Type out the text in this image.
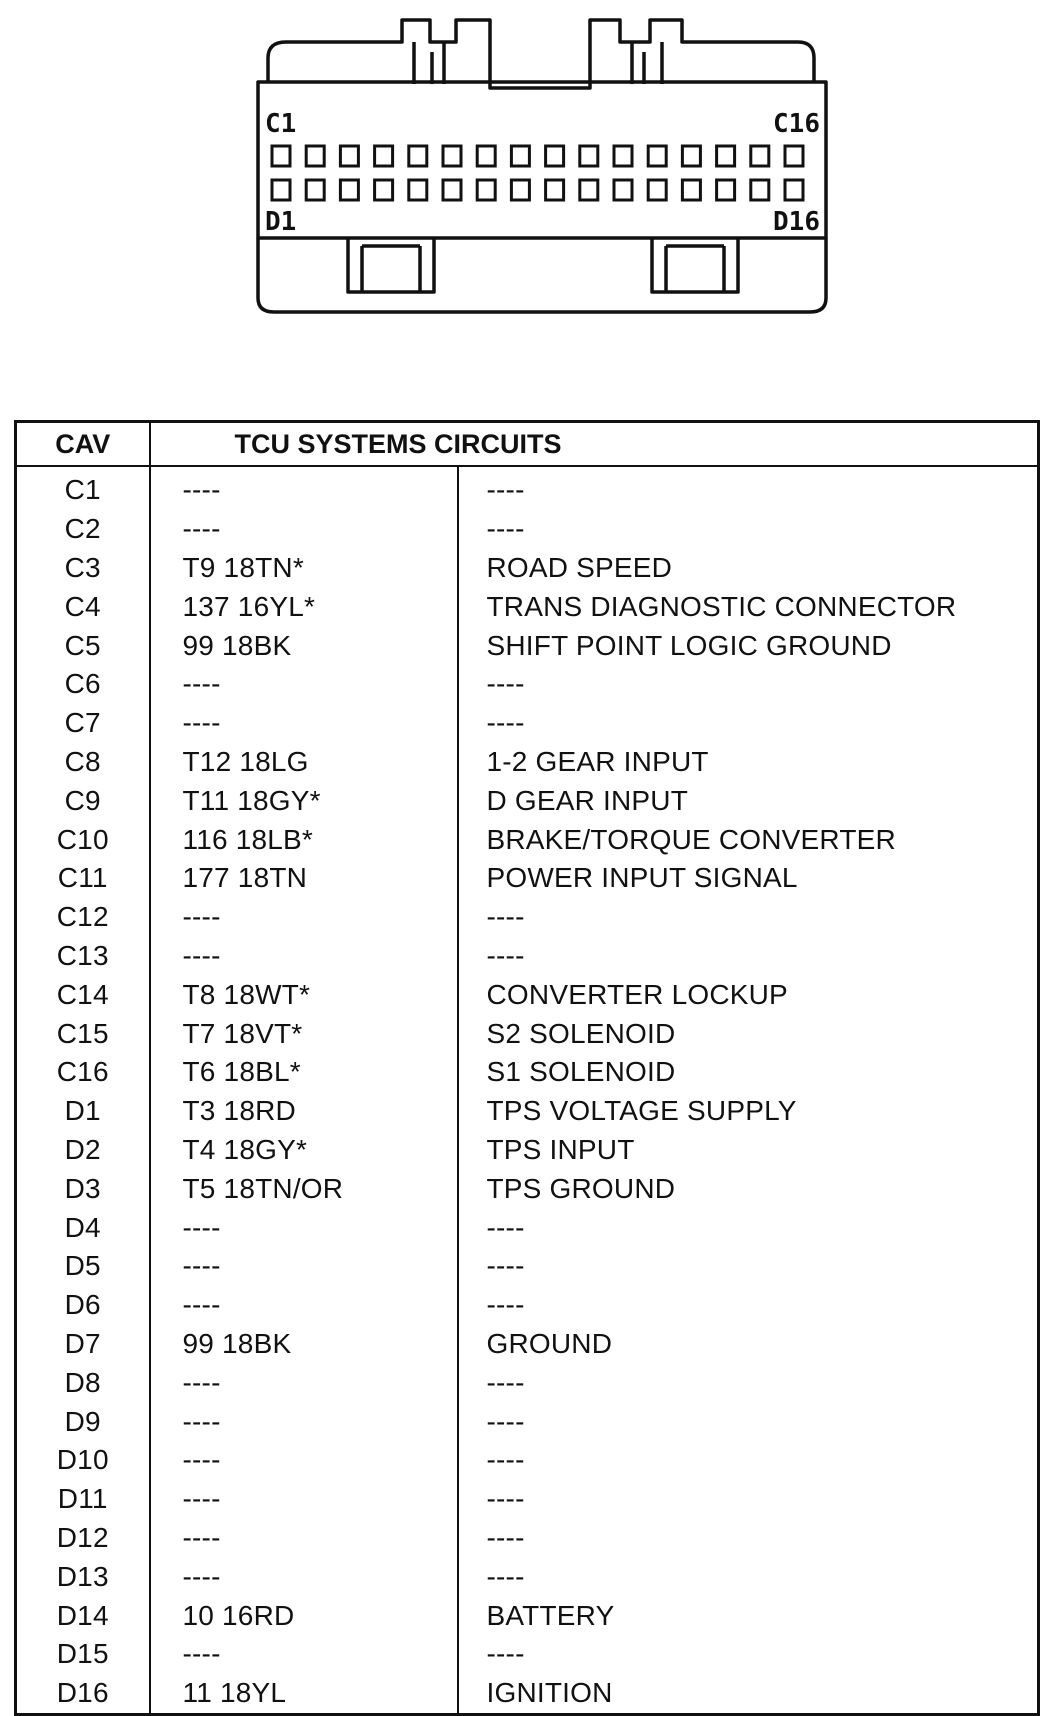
C1	C16
D1	D16
CAV	TCU SYSTEMS CIRCUITS	
C1	----	----
C2	----	----
C3	T9 18TN*	ROAD SPEED
C4	137 16YL*	TRANS DIAGNOSTIC CONNECTOR
C5	99 18BK	SHIFT POINT LOGIC GROUND
C6	----	----
C7	----	----
C8	T12 18LG	1-2 GEAR INPUT
C9	T11 18GY*	D GEAR INPUT
C10	116 18LB*	BRAKE/TORQUE CONVERTER
C11	177 18TN	POWER INPUT SIGNAL
C12	----	----
C13	----	----
C14	T8 18WT*	CONVERTER LOCKUP
C15	T7 18VT*	S2 SOLENOID
C16	T6 18BL*	S1 SOLENOID
D1	T3 18RD	TPS VOLTAGE SUPPLY
D2	T4 18GY*	TPS INPUT
D3	T5 18TN/OR	TPS GROUND
D4	----	----
D5	----	----
D6	----	----
D7	99 18BK	GROUND
D8	----	----
D9	----	----
D10	----	----
D11	----	----
D12	----	----
D13	----	----
D14	10 16RD	BATTERY
D15	----	----
D16	11 18YL	IGNITION
